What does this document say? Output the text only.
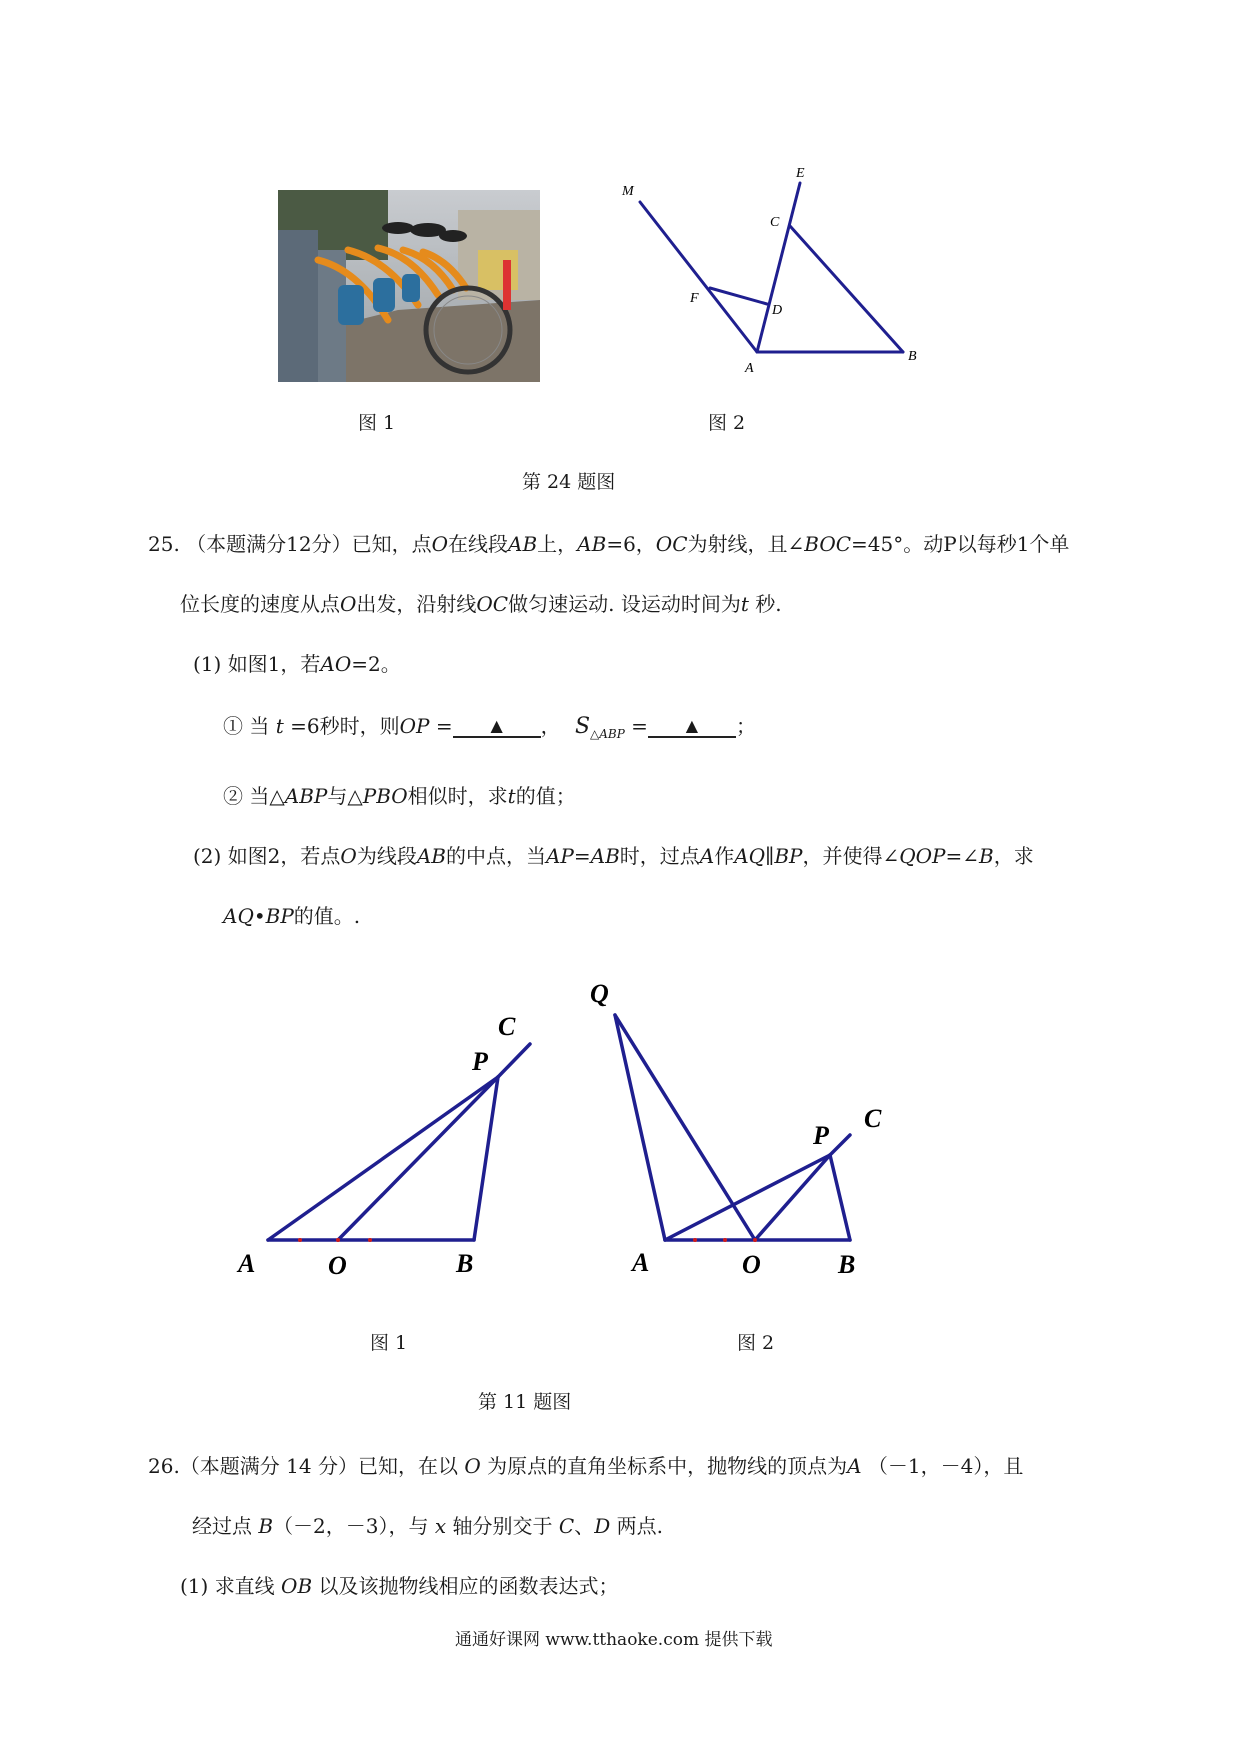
图 1	图 2
第 24 题图
M
E
C
F
D
A
B
25. （本题满分12分）已知，点O在线段AB上，AB=6，OC为射线，且∠BOC=45°。动P以每秒1个单
位长度的速度从点O出发，沿射线OC做匀速运动. 设运动时间为t 秒.
(1) 如图1，若AO=2。
① 当 t =6秒时，则OP = ▲ ， $S_{\triangle ABP}$ = ▲ ；
② 当△ABP与△PBO相似时，求t的值；
(2) 如图2，若点O为线段AB的中点，当AP=AB时，过点A作AQ∥BP，并使得∠QOP=∠B，求
AQ•BP的值。.
C
P
A	O	B
Q
C
P
A	O	B
图 1	图 2
第 11 题图
26.（本题满分 14 分）已知，在以 O 为原点的直角坐标系中，抛物线的顶点为A （－1，－4），且
经过点 B（－2，－3），与 x 轴分别交于 C、D 两点.
(1) 求直线 OB 以及该抛物线相应的函数表达式；
通通好课网 www.tthaoke.com 提供下载
